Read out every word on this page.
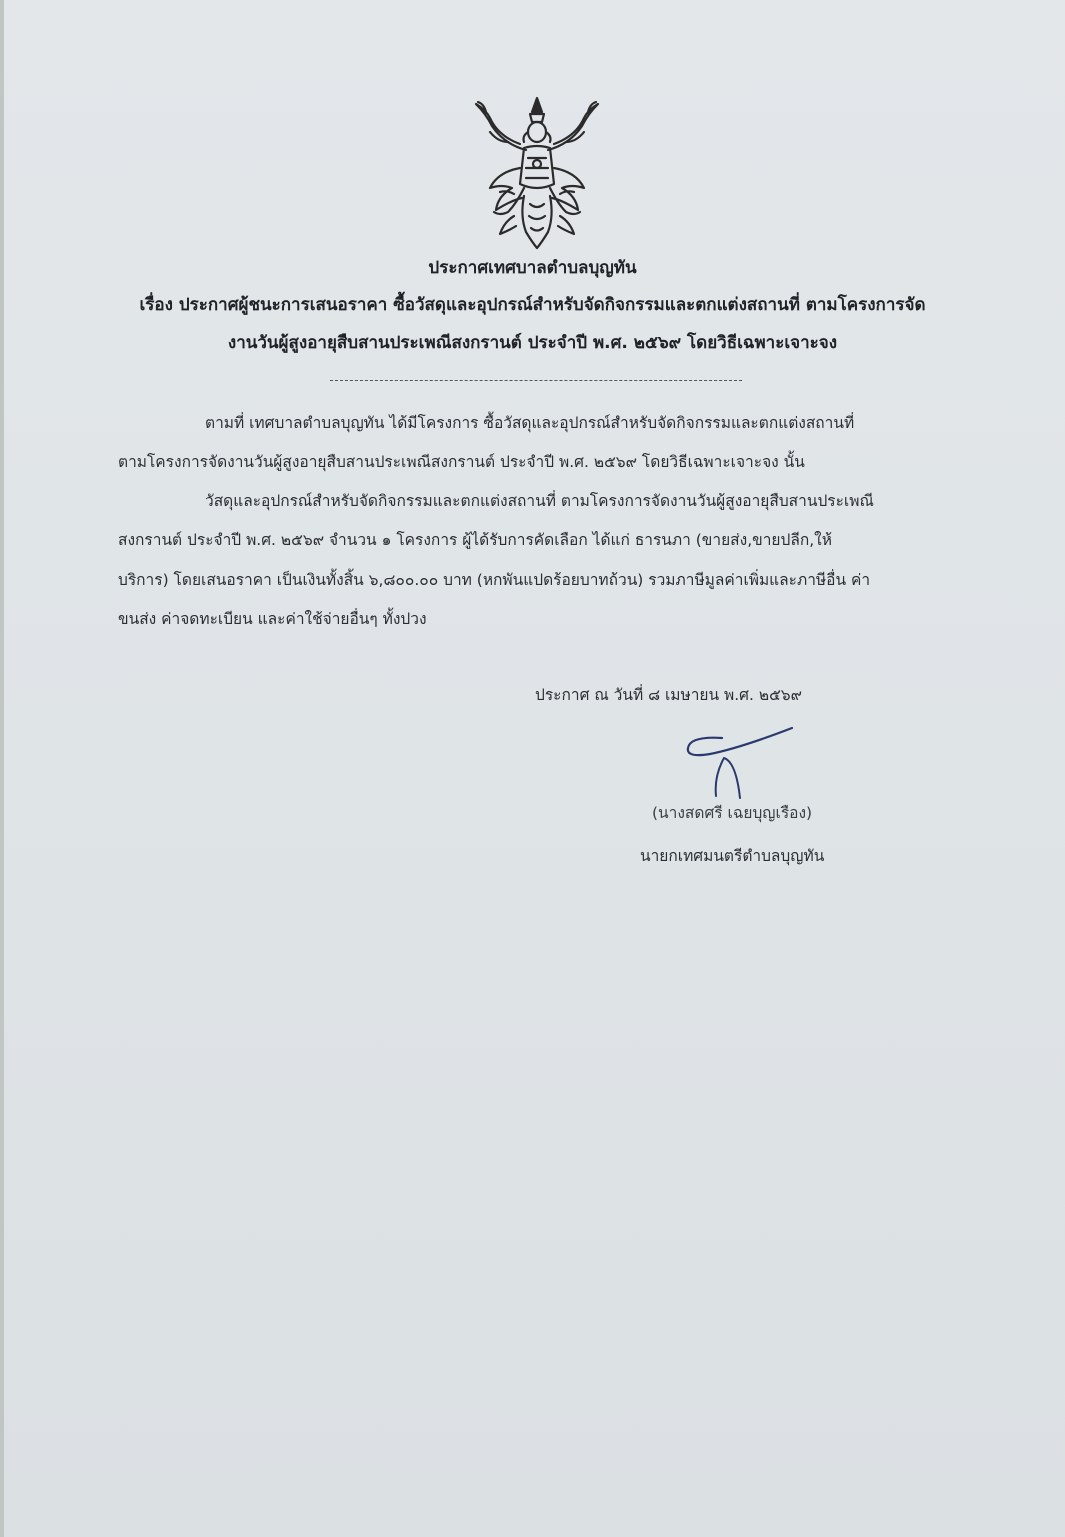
ประกาศเทศบาลตำบลบุญทัน
เรื่อง ประกาศผู้ชนะการเสนอราคา ซื้อวัสดุและอุปกรณ์สำหรับจัดกิจกรรมและตกแต่งสถานที่ ตามโครงการจัด
งานวันผู้สูงอายุสืบสานประเพณีสงกรานต์ ประจำปี พ.ศ. ๒๕๖๙ โดยวิธีเฉพาะเจาะจง
ตามที่ เทศบาลตำบลบุญทัน ได้มีโครงการ ซื้อวัสดุและอุปกรณ์สำหรับจัดกิจกรรมและตกแต่งสถานที่
ตามโครงการจัดงานวันผู้สูงอายุสืบสานประเพณีสงกรานต์ ประจำปี พ.ศ. ๒๕๖๙ โดยวิธีเฉพาะเจาะจง นั้น
วัสดุและอุปกรณ์สำหรับจัดกิจกรรมและตกแต่งสถานที่ ตามโครงการจัดงานวันผู้สูงอายุสืบสานประเพณี
สงกรานต์ ประจำปี พ.ศ. ๒๕๖๙ จำนวน ๑ โครงการ ผู้ได้รับการคัดเลือก ได้แก่ ธารนภา (ขายส่ง,ขายปลีก,ให้
บริการ) โดยเสนอราคา เป็นเงินทั้งสิ้น ๖,๘๐๐.๐๐ บาท (หกพันแปดร้อยบาทถ้วน) รวมภาษีมูลค่าเพิ่มและภาษีอื่น ค่า
ขนส่ง ค่าจดทะเบียน และค่าใช้จ่ายอื่นๆ ทั้งปวง
ประกาศ ณ วันที่ ๘ เมษายน พ.ศ. ๒๕๖๙
(นางสดศรี เฉยบุญเรือง)
นายกเทศมนตรีตำบลบุญทัน
